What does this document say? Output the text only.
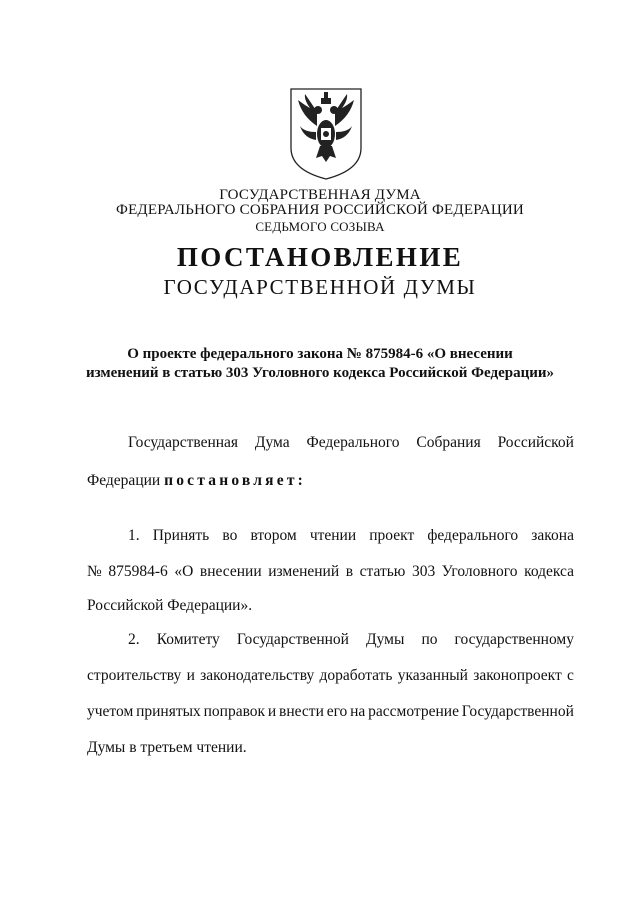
ГОСУДАРСТВЕННАЯ ДУМА
ФЕДЕРАЛЬНОГО СОБРАНИЯ РОССИЙСКОЙ ФЕДЕРАЦИИ
СЕДЬМОГО СОЗЫВА
ПОСТАНОВЛЕНИЕ
ГОСУДАРСТВЕННОЙ ДУМЫ
О проекте федерального закона № 875984-6 «О внесении
изменений в статью 303 Уголовного кодекса Российской Федерации»
Государственная Дума Федерального Собрания Российской
Федерации постановляет:
1. Принять во втором чтении проект федерального закона
№ 875984-6 «О внесении изменений в статью 303 Уголовного кодекса
Российской Федерации».
2. Комитету Государственной Думы по государственному
строительству и законодательству доработать указанный законопроект с
учетом принятых поправок и внести его на рассмотрение Государственной
Думы в третьем чтении.
